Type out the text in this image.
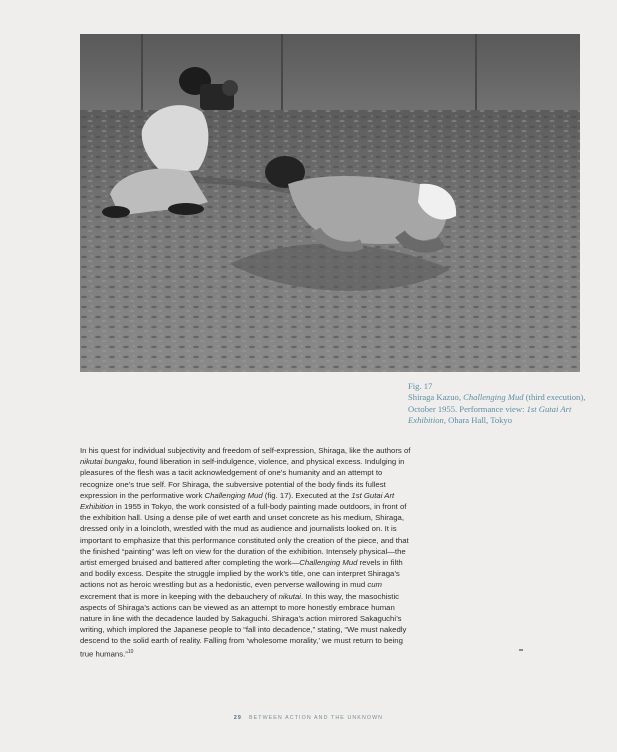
Fig. 17
Shiraga Kazuo, Challenging Mud (third execution), October 1955. Performance view: 1st Gutai Art Exhibition, Ohara Hall, Tokyo

In his quest for individual subjectivity and freedom of self-expression, Shiraga, like the authors of nikutai bungaku, found liberation in self-indulgence, violence, and physical excess. Indulging in pleasures of the flesh was a tacit acknowledgement of one’s humanity and an attempt to recognize one’s true self. For Shiraga, the subversive potential of the body finds its fullest expression in the performative work Challenging Mud (fig. 17). Executed at the 1st Gutai Art Exhibition in 1955 in Tokyo, the work consisted of a full-body painting made outdoors, in front of the exhibition hall. Using a dense pile of wet earth and unset concrete as his medium, Shiraga, dressed only in a loincloth, wrestled with the mud as audience and journalists looked on. It is important to emphasize that this performance constituted only the creation of the piece, and that the finished “painting” was left on view for the duration of the exhibition. Intensely physical—the artist emerged bruised and battered after completing the work—Challenging Mud revels in filth and bodily excess. Despite the struggle implied by the work’s title, one can interpret Shiraga’s actions not as heroic wrestling but as a hedonistic, even perverse wallowing in mud cum excrement that is more in keeping with the debauchery of nikutai. In this way, the masochistic aspects of Shiraga’s actions can be viewed as an attempt to more honestly embrace human nature in line with the decadence lauded by Sakaguchi. Shiraga’s action mirrored Sakaguchi’s writing, which implored the Japanese people to “fall into decadence,” stating, “We must nakedly descend to the solid earth of reality. Falling from ‘wholesome morality,’ we must return to being true humans.”$^{10}$

29 BETWEEN ACTION AND THE UNKNOWN
